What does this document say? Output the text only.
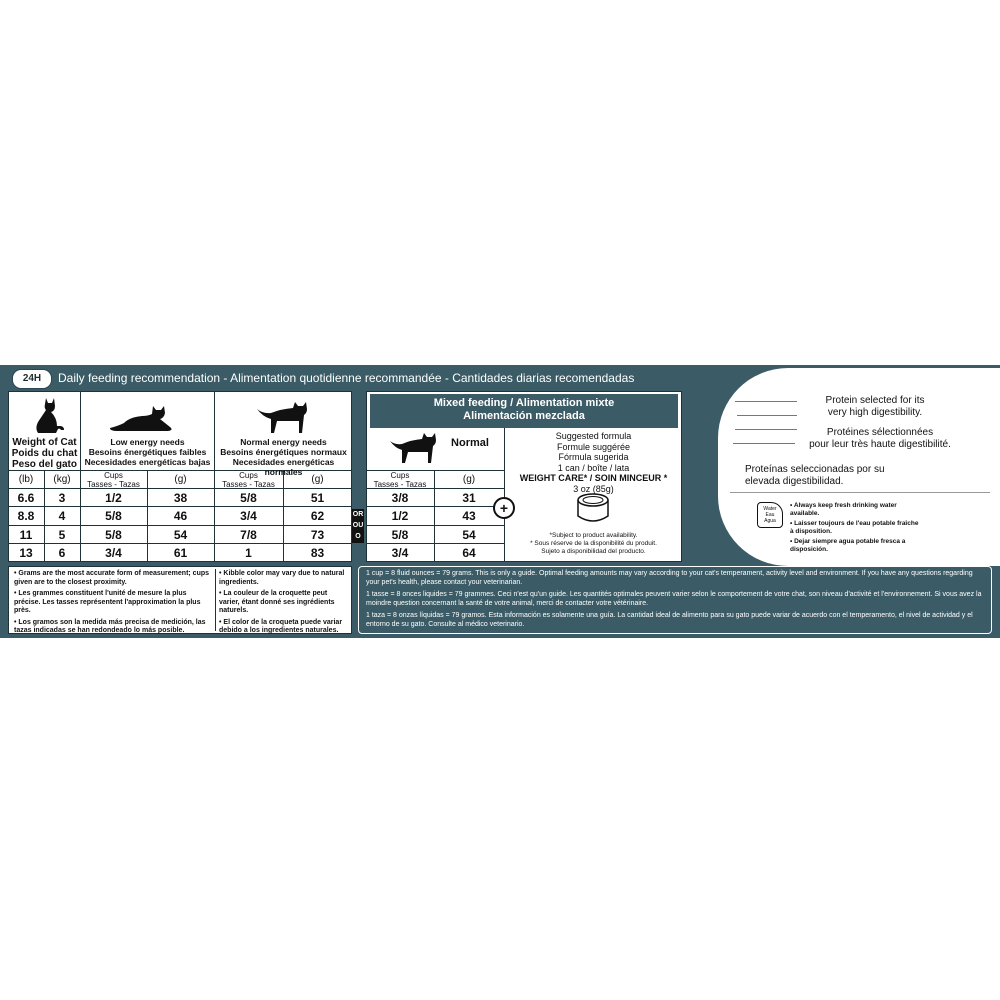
24H	Daily feeding recommendation - Alimentation quotidienne recommandée - Cantidades diarias recomendadas
Weight of Cat
Poids du chat
Peso del gato
Low energy needs
Besoins énergétiques faibles
Necesidades energéticas bajas
Normal energy needs
Besoins énergétiques normaux
Necesidades energéticas normales
(lb)	(kg)	Cups
Tasses - Tazas	(g)	Cups
Tasses - Tazas	(g)
6.6	3	1/2	38	5/8	51
8.8	4	5/8	46	3/4	62
11	5	5/8	54	7/8	73
13	6	3/4	61	1	83
OR
OU
O
Mixed feeding / Alimentation mixte
Alimentación mezclada
Normal
Cups
Tasses - Tazas	(g)
3/8	31
1/2	43
5/8	54
3/4	64
+
Suggested formula
Formule suggérée
Fórmula sugerida
1 can / boîte / lata
WEIGHT CARE* / SOIN MINCEUR *
3 oz (85g)
*Subject to product availability.
* Sous réserve de la disponibilité du produit.
Sujeto a disponibilidad del producto.
Protein selected for its
very high digestibility.
Protéines sélectionnées
pour leur très haute digestibilité.
Proteínas seleccionadas por su
elevada digestibilidad.
Water
Eau
Agua

• Always keep fresh drinking water available.

• Laisser toujours de l'eau potable fraîche à disposition.

• Dejar siempre agua potable fresca a disposición.

• Grams are the most accurate form of measurement; cups given are to the closest proximity.

• Les grammes constituent l'unité de mesure la plus précise. Les tasses représentent l'approximation la plus près.

• Los gramos son la medida más precisa de medición, las tazas indicadas se han redondeado lo más posible.

• Kibble color may vary due to natural ingredients.

• La couleur de la croquette peut varier, étant donné ses ingrédients naturels.

• El color de la croqueta puede variar debido a los ingredientes naturales.

1 cup = 8 fluid ounces = 79 grams. This is only a guide. Optimal feeding amounts may vary according to your cat's temperament, activity level and environment. If you have any questions regarding your pet's health, please contact your veterinarian.

1 tasse = 8 onces liquides = 79 grammes. Ceci n'est qu'un guide. Les quantités optimales peuvent varier selon le comportement de votre chat, son niveau d'activité et l'environnement. Si vous avez la moindre question concernant la santé de votre animal, merci de contacter votre vétérinaire.

1 taza = 8 onzas líquidas = 79 gramos. Esta información es solamente una guía. La cantidad ideal de alimento para su gato puede variar de acuerdo con el temperamento, el nivel de actividad y el entorno de su gato. Consulte al médico veterinario.
